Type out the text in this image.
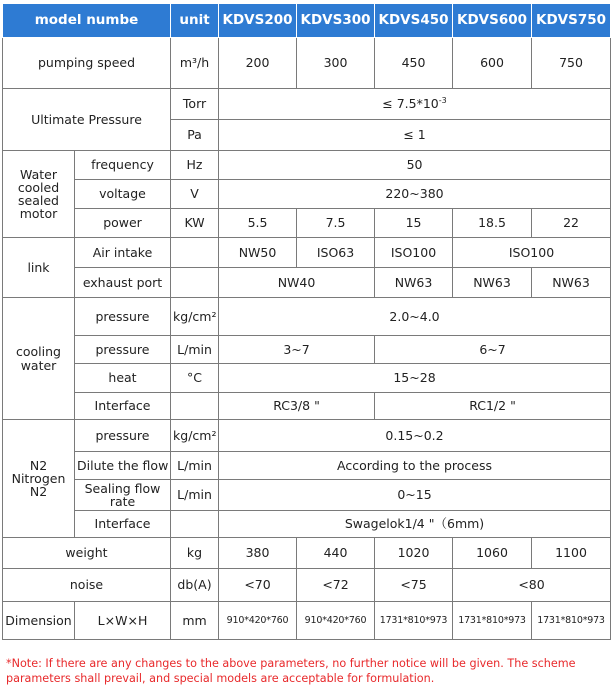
model numbe		unit	KDVS200	KDVS300	KDVS450	KDVS600	KDVS750
pumping speed		m³/h	200	300	450	600	750
Ultimate Pressure		Torr	≤ $7.5*10^{-3}$
		Pa	≤ 1				
Water cooled sealed motor	frequency	Hz	50				
	voltage	V	220~380				
	power	KW	5.5	7.5	15	18.5	22
link	Air intake		NW50	ISO63	ISO100	ISO100	
	exhaust port		NW40		NW63	NW63	NW63
cooling water	pressure	kg/cm²	2.0~4.0				
	pressure	L/min	3~7		6~7		
	heat	°C	15~28				
	Interface		RC3/8 "		RC1/2 "		
N2 Nitrogen N2	pressure	kg/cm²	0.15~0.2				
	Dilute the flow	L/min	According to the process				
	Sealing flow rate	L/min	0~15				
	Interface		Swagelok1/4 "（6mm)				
weight		kg	380	440	1020	1060	1100
noise		db(A)	<70	<72	<75	<80	
Dimension	L×W×H	mm	910*420*760	910*420*760	1731*810*973	1731*810*973	1731*810*973
*Note: If there are any changes to the above parameters, no further notice will be given. The scheme parameters shall prevail, and special models are acceptable for formulation.
